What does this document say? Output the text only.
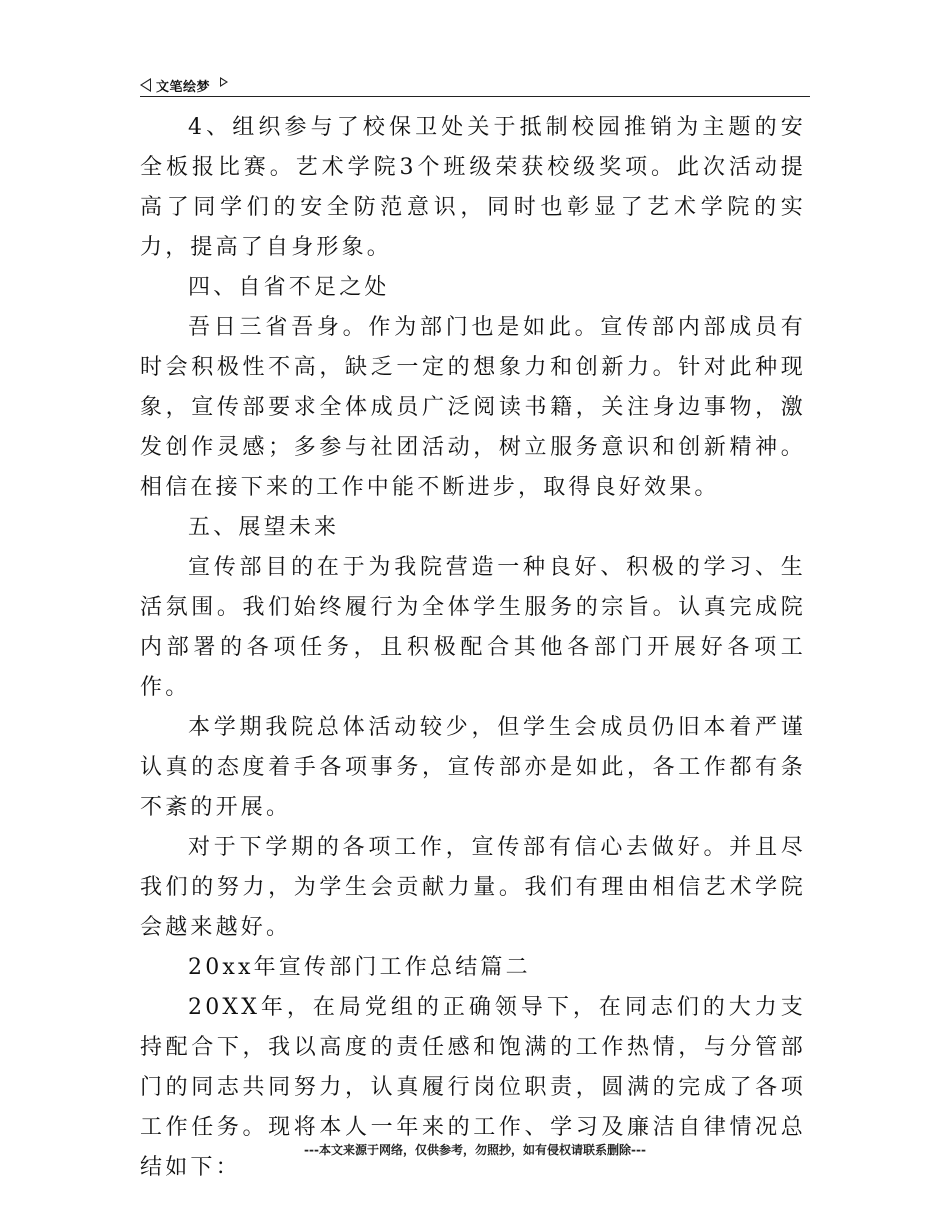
文笔绘梦

4、组织参与了校保卫处关于抵制校园推销为主题的安全板报比赛。艺术学院3个班级荣获校级奖项。此次活动提高了同学们的安全防范意识，同时也彰显了艺术学院的实力，提高了自身形象。

四、自省不足之处

吾日三省吾身。作为部门也是如此。宣传部内部成员有时会积极性不高，缺乏一定的想象力和创新力。针对此种现象，宣传部要求全体成员广泛阅读书籍，关注身边事物，激发创作灵感；多参与社团活动，树立服务意识和创新精神。相信在接下来的工作中能不断进步，取得良好效果。

五、展望未来

宣传部目的在于为我院营造一种良好、积极的学习、生活氛围。我们始终履行为全体学生服务的宗旨。认真完成院内部署的各项任务，且积极配合其他各部门开展好各项工作。

本学期我院总体活动较少，但学生会成员仍旧本着严谨认真的态度着手各项事务，宣传部亦是如此，各工作都有条不紊的开展。

对于下学期的各项工作，宣传部有信心去做好。并且尽我们的努力，为学生会贡献力量。我们有理由相信艺术学院会越来越好。

20xx年宣传部门工作总结篇二

20XX年，在局党组的正确领导下，在同志们的大力支持配合下，我以高度的责任感和饱满的工作热情，与分管部门的同志共同努力，认真履行岗位职责，圆满的完成了各项工作任务。现将本人一年来的工作、学习及廉洁自律情况总结如下：

---本文来源于网络，仅供参考，勿照抄，如有侵权请联系删除---
